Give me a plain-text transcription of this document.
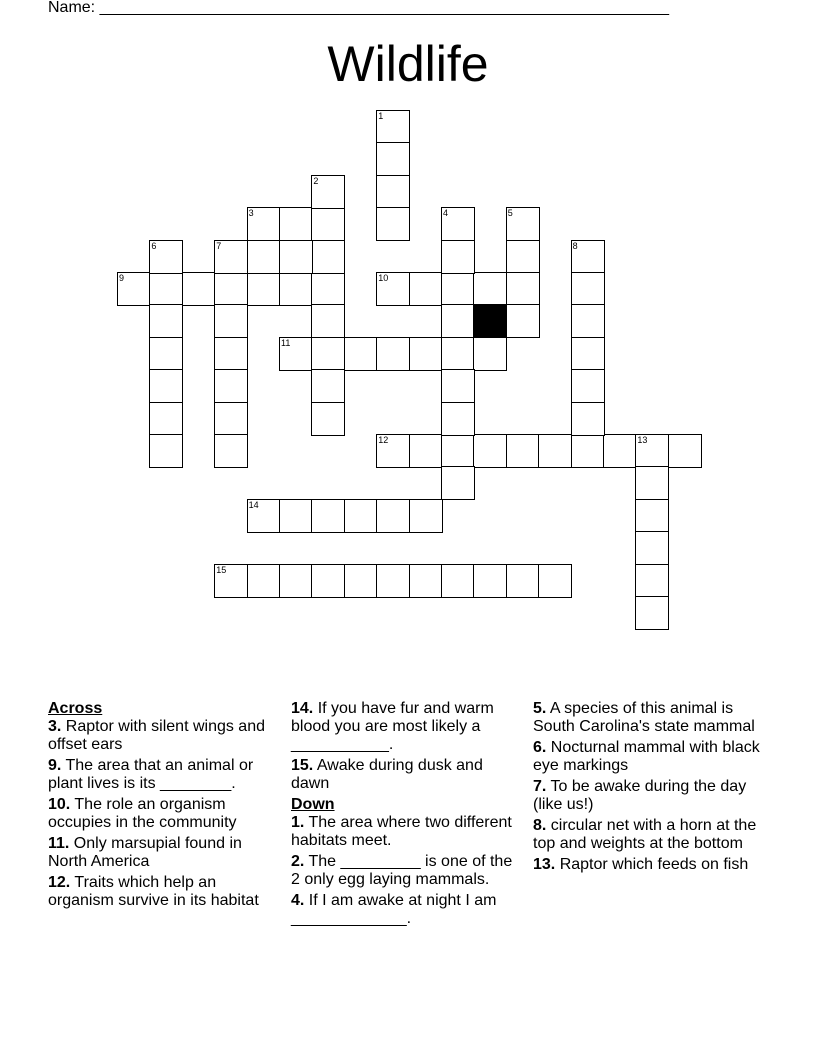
Name: ________________________________________________________________
Wildlife
3
9	10
11
12	13
14
15
1
2
4	5
6	7	8
Across
3. Raptor with silent wings and offset ears
9. The area that an animal or plant lives is its ________.
10. The role an organism occupies in the community
11. Only marsupial found in North America
12. Traits which help an organism survive in its habitat
14. If you have fur and warm blood you are most likely a ___________.
15. Awake during dusk and dawn
Down
1. The area where two different habitats meet.
2. The _________ is one of the 2 only egg laying mammals.
4. If I am awake at night I am _____________.
5. A species of this animal is South Carolina's state mammal
6. Nocturnal mammal with black eye markings
7. To be awake during the day (like us!)
8. circular net with a horn at the top and weights at the bottom
13. Raptor which feeds on fish
